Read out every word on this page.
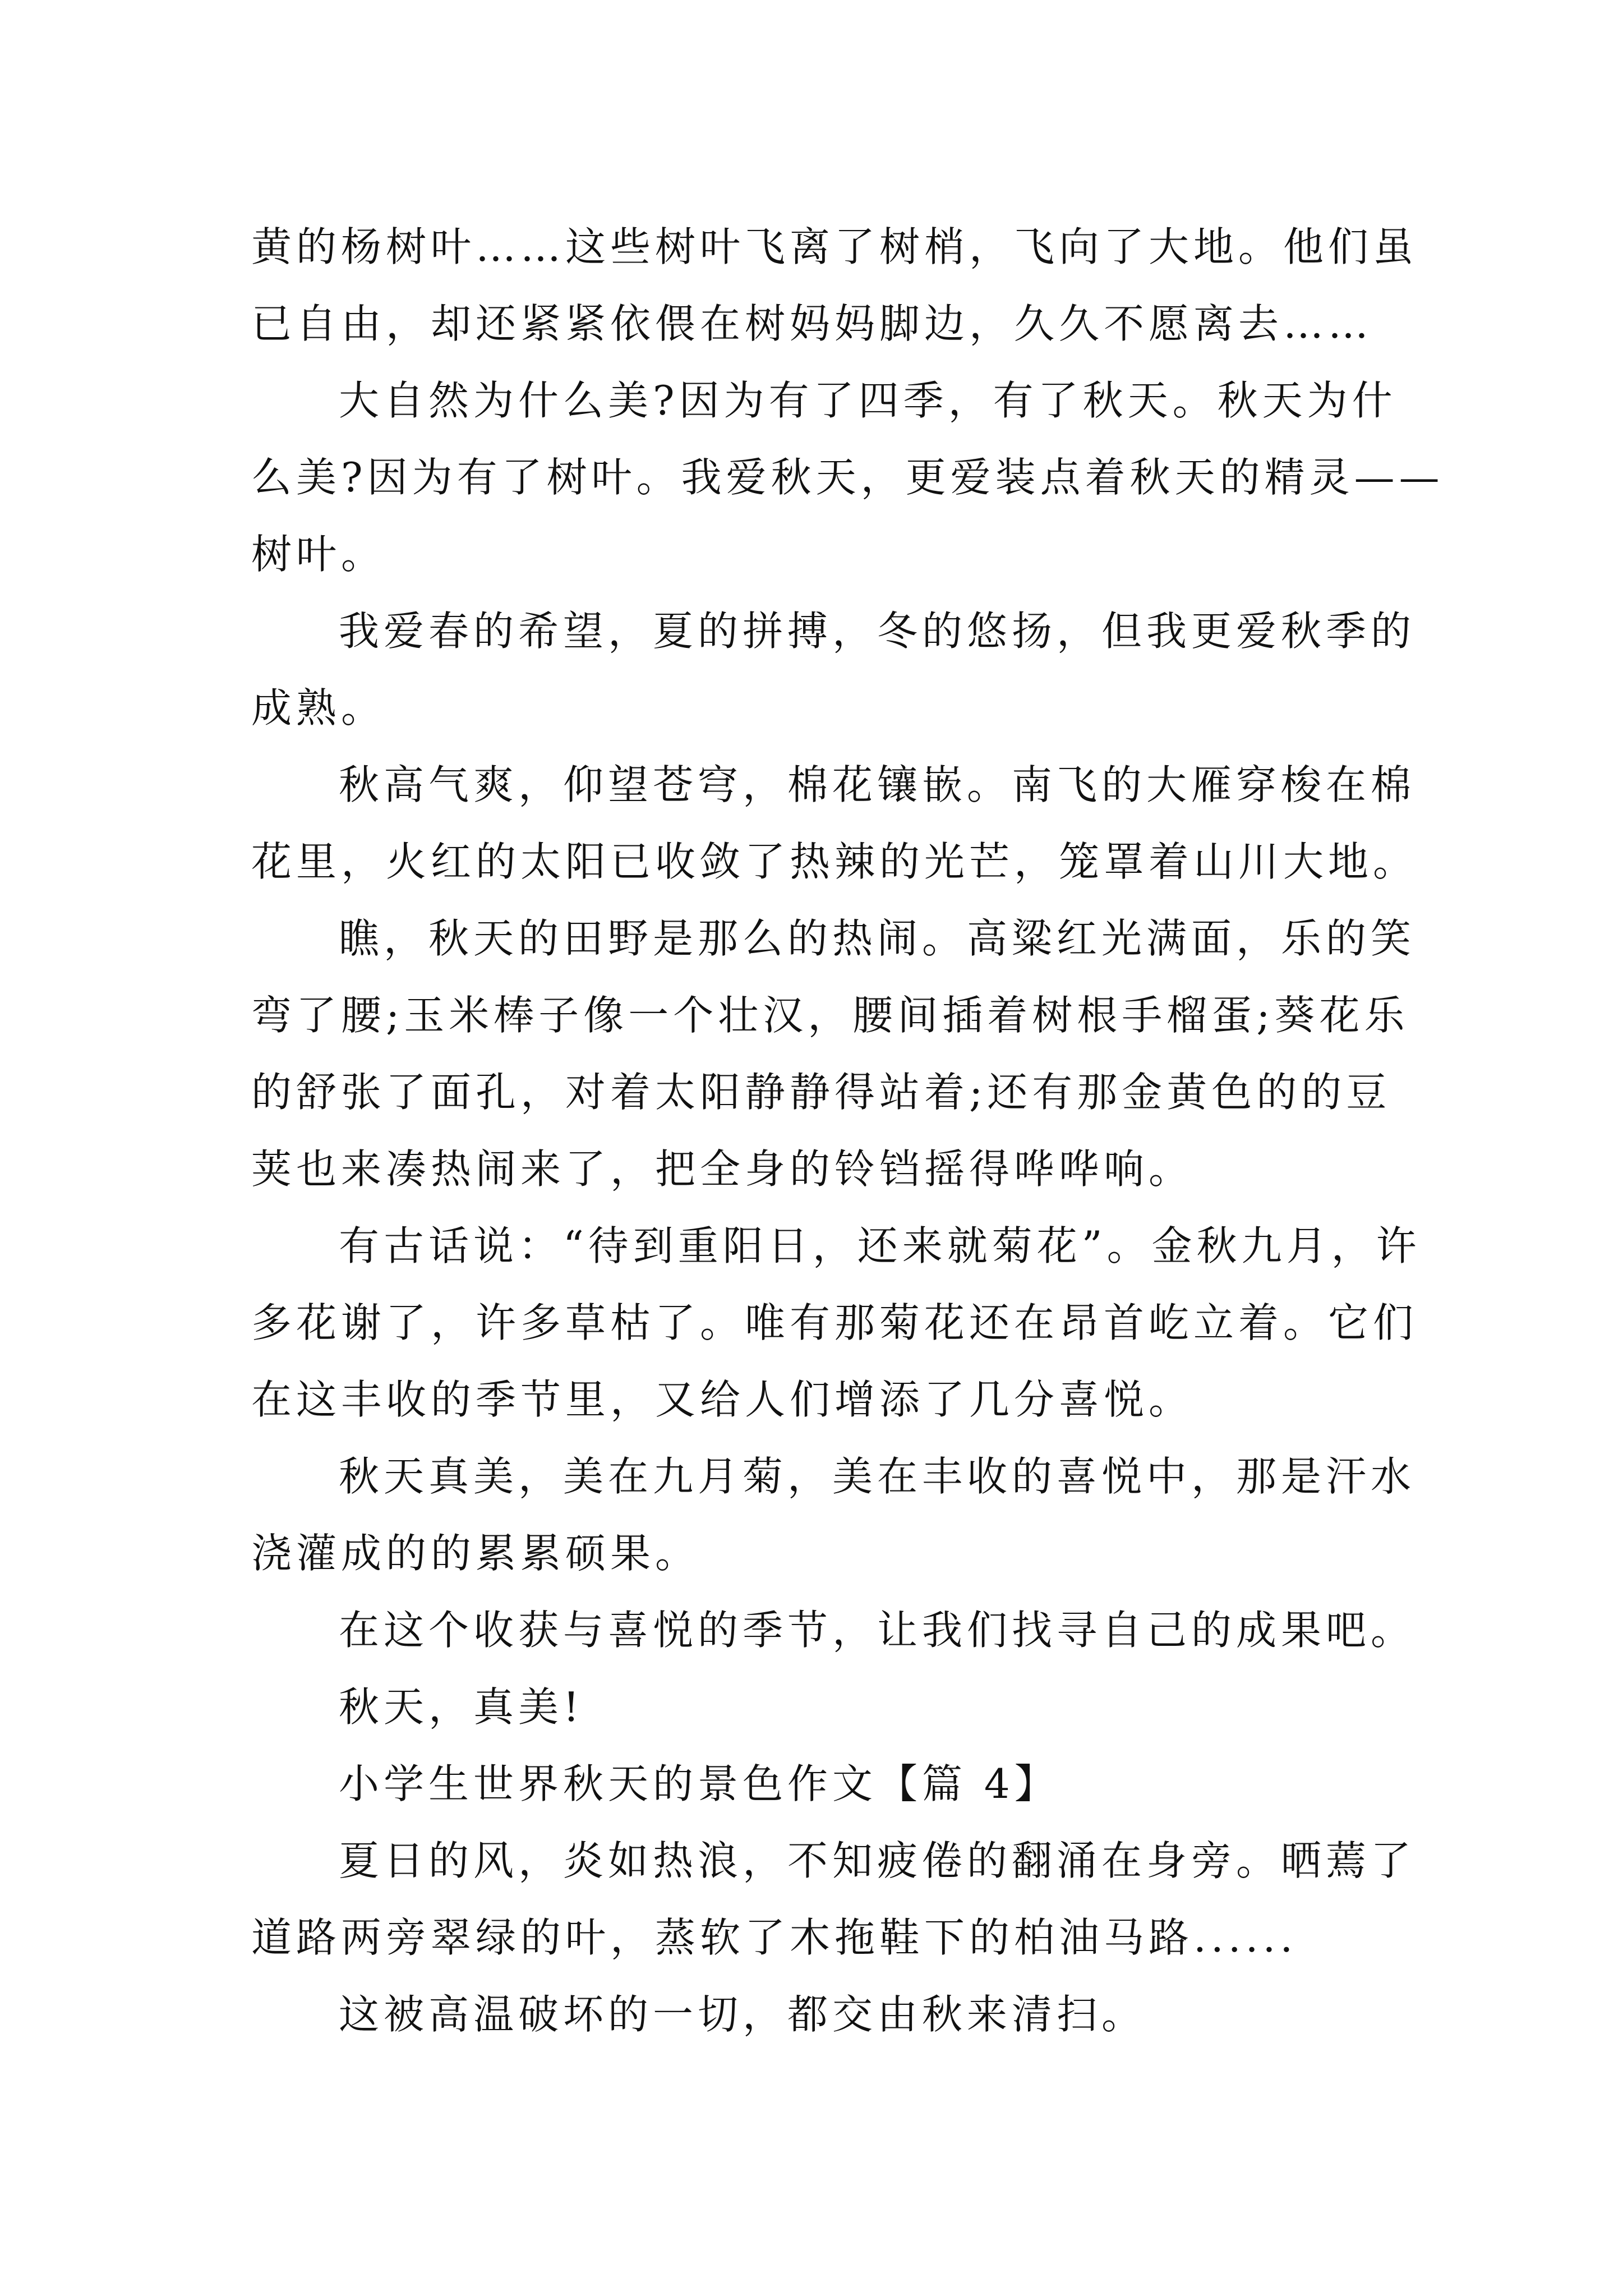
黄的杨树叶……这些树叶飞离了树梢，飞向了大地。他们虽
已自由，却还紧紧依偎在树妈妈脚边，久久不愿离去……
大自然为什么美?因为有了四季，有了秋天。秋天为什
么美?因为有了树叶。我爱秋天，更爱装点着秋天的精灵——
树叶。
我爱春的希望，夏的拼搏，冬的悠扬，但我更爱秋季的
成熟。
秋高气爽，仰望苍穹，棉花镶嵌。南飞的大雁穿梭在棉
花里，火红的太阳已收敛了热辣的光芒，笼罩着山川大地。
瞧，秋天的田野是那么的热闹。高粱红光满面，乐的笑
弯了腰;玉米棒子像一个壮汉，腰间插着树根手榴蛋;葵花乐
的舒张了面孔，对着太阳静静得站着;还有那金黄色的的豆
荚也来凑热闹来了，把全身的铃铛摇得哗哗响。
有古话说：“待到重阳日，还来就菊花”。金秋九月，许
多花谢了，许多草枯了。唯有那菊花还在昂首屹立着。它们
在这丰收的季节里，又给人们增添了几分喜悦。
秋天真美，美在九月菊，美在丰收的喜悦中，那是汗水
浇灌成的的累累硕果。
在这个收获与喜悦的季节，让我们找寻自己的成果吧。
秋天，真美!
小学生世界秋天的景色作文【篇 4】
夏日的风，炎如热浪，不知疲倦的翻涌在身旁。晒蔫了
道路两旁翠绿的叶，蒸软了木拖鞋下的柏油马路......
这被高温破坏的一切，都交由秋来清扫。
